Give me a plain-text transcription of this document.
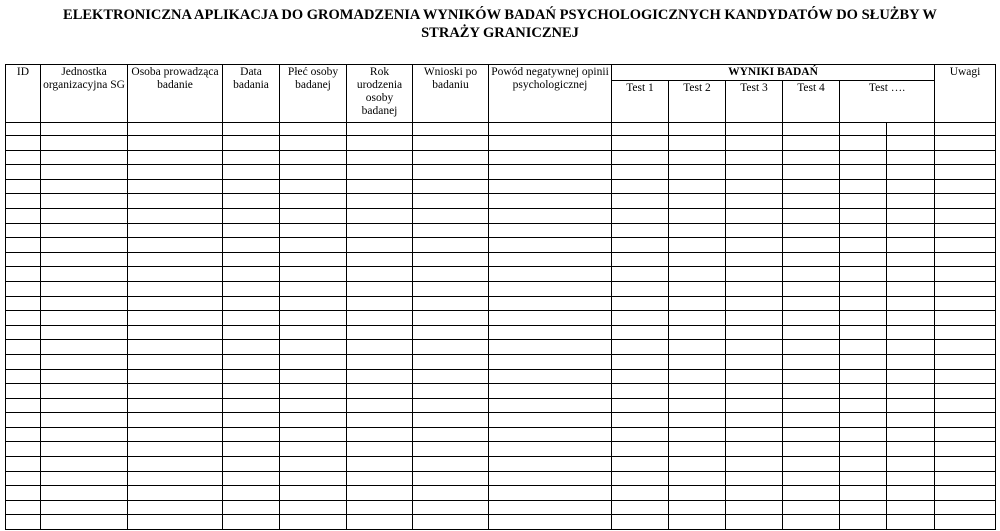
ELEKTRONICZNA APLIKACJA DO GROMADZENIA WYNIKÓW BADAŃ PSYCHOLOGICZNYCH KANDYDATÓW DO SŁUŻBY W
STRAŻY GRANICZNEJ
ID	Jednostka organizacyjna SG	Osoba prowadząca badanie	Data badania	Płeć osoby badanej	Rok urodzenia osoby badanej	Wnioski po badaniu	Powód negatywnej opinii psychologicznej	WYNIKI BADAŃ						Uwagi
								Test 1	Test 2	Test 3	Test 4	Test ….		
